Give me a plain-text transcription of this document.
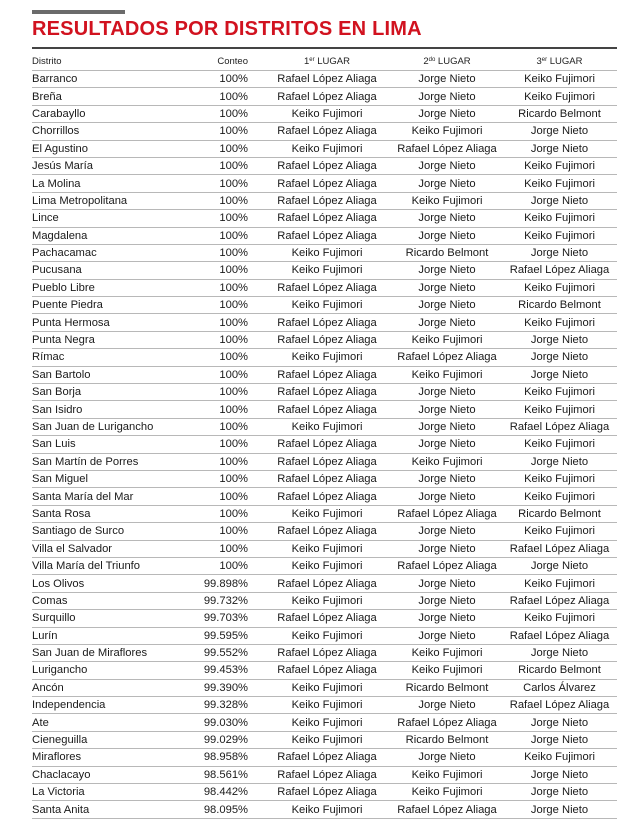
RESULTADOS POR DISTRITOS EN LIMA
Distrito	Conteo	1er LUGAR	$2^{do}$ LUGAR	3er LUGAR
Barranco	100%	Rafael López Aliaga	Jorge Nieto	Keiko Fujimori
Breña	100%	Rafael López Aliaga	Jorge Nieto	Keiko Fujimori
Carabayllo	100%	Keiko Fujimori	Jorge Nieto	Ricardo Belmont
Chorrillos	100%	Rafael López Aliaga	Keiko Fujimori	Jorge Nieto
El Agustino	100%	Keiko Fujimori	Rafael López Aliaga	Jorge Nieto
Jesús María	100%	Rafael López Aliaga	Jorge Nieto	Keiko Fujimori
La Molina	100%	Rafael López Aliaga	Jorge Nieto	Keiko Fujimori
Lima Metropolitana	100%	Rafael López Aliaga	Keiko Fujimori	Jorge Nieto
Lince	100%	Rafael López Aliaga	Jorge Nieto	Keiko Fujimori
Magdalena	100%	Rafael López Aliaga	Jorge Nieto	Keiko Fujimori
Pachacamac	100%	Keiko Fujimori	Ricardo Belmont	Jorge Nieto
Pucusana	100%	Keiko Fujimori	Jorge Nieto	Rafael López Aliaga
Pueblo Libre	100%	Rafael López Aliaga	Jorge Nieto	Keiko Fujimori
Puente Piedra	100%	Keiko Fujimori	Jorge Nieto	Ricardo Belmont
Punta Hermosa	100%	Rafael López Aliaga	Jorge Nieto	Keiko Fujimori
Punta Negra	100%	Rafael López Aliaga	Keiko Fujimori	Jorge Nieto
Rímac	100%	Keiko Fujimori	Rafael López Aliaga	Jorge Nieto
San Bartolo	100%	Rafael López Aliaga	Keiko Fujimori	Jorge Nieto
San Borja	100%	Rafael López Aliaga	Jorge Nieto	Keiko Fujimori
San Isidro	100%	Rafael López Aliaga	Jorge Nieto	Keiko Fujimori
San Juan de Lurigancho	100%	Keiko Fujimori	Jorge Nieto	Rafael López Aliaga
San Luis	100%	Rafael López Aliaga	Jorge Nieto	Keiko Fujimori
San Martín de Porres	100%	Rafael López Aliaga	Keiko Fujimori	Jorge Nieto
San Miguel	100%	Rafael López Aliaga	Jorge Nieto	Keiko Fujimori
Santa María del Mar	100%	Rafael López Aliaga	Jorge Nieto	Keiko Fujimori
Santa Rosa	100%	Keiko Fujimori	Rafael López Aliaga	Ricardo Belmont
Santiago de Surco	100%	Rafael López Aliaga	Jorge Nieto	Keiko Fujimori
Villa el Salvador	100%	Keiko Fujimori	Jorge Nieto	Rafael López Aliaga
Villa María del Triunfo	100%	Keiko Fujimori	Rafael López Aliaga	Jorge Nieto
Los Olivos	99.898%	Rafael López Aliaga	Jorge Nieto	Keiko Fujimori
Comas	99.732%	Keiko Fujimori	Jorge Nieto	Rafael López Aliaga
Surquillo	99.703%	Rafael López Aliaga	Jorge Nieto	Keiko Fujimori
Lurín	99.595%	Keiko Fujimori	Jorge Nieto	Rafael López Aliaga
San Juan de Miraflores	99.552%	Rafael López Aliaga	Keiko Fujimori	Jorge Nieto
Lurigancho	99.453%	Rafael López Aliaga	Keiko Fujimori	Ricardo Belmont
Ancón	99.390%	Keiko Fujimori	Ricardo Belmont	Carlos Álvarez
Independencia	99.328%	Keiko Fujimori	Jorge Nieto	Rafael López Aliaga
Ate	99.030%	Keiko Fujimori	Rafael López Aliaga	Jorge Nieto
Cieneguilla	99.029%	Keiko Fujimori	Ricardo Belmont	Jorge Nieto
Miraflores	98.958%	Rafael López Aliaga	Jorge Nieto	Keiko Fujimori
Chaclacayo	98.561%	Rafael López Aliaga	Keiko Fujimori	Jorge Nieto
La Victoria	98.442%	Rafael López Aliaga	Keiko Fujimori	Jorge Nieto
Santa Anita	98.095%	Keiko Fujimori	Rafael López Aliaga	Jorge Nieto
